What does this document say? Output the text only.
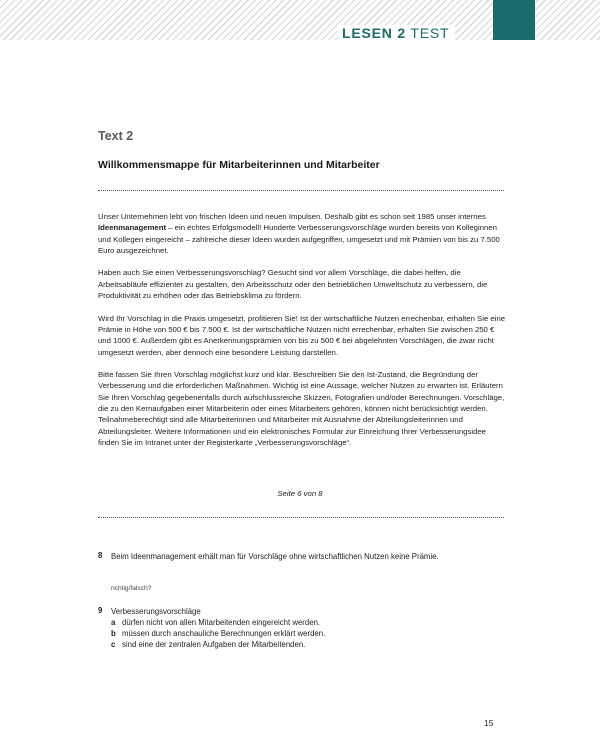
LESEN 2 TEST
Text 2
Willkommensmappe für Mitarbeiterinnen und Mitarbeiter

Unser Unternehmen lebt von frischen Ideen und neuen Impulsen. Deshalb gibt es schon seit 1985 unser internes Ideenmanagement – ein echtes Erfolgsmodell! Hunderte Verbesserungsvorschläge wurden bereits von Kolleginnen und Kollegen eingereicht – zahlreiche dieser Ideen wurden aufgegriffen, umgesetzt und mit Prämien von bis zu 7.500 Euro ausgezeichnet.

Haben auch Sie einen Verbesserungsvorschlag? Gesucht sind vor allem Vorschläge, die dabei helfen, die Arbeitsabläufe effizienter zu gestalten, den Arbeitsschutz oder den betrieblichen Umweltschutz zu verbessern, die Produktivität zu erhöhen oder das Betriebsklima zu fördern.

Wird Ihr Vorschlag in die Praxis umgesetzt, profitieren Sie! Ist der wirtschaftliche Nutzen errechenbar, erhalten Sie eine Prämie in Höhe von 500 € bis 7.500 €. Ist der wirtschaftliche Nutzen nicht errechenbar, erhalten Sie zwischen 250 € und 1000 €. Außerdem gibt es Anerkennungsprämien von bis zu 500 € bei abgelehnten Vorschlägen, die zwar nicht umgesetzt werden, aber dennoch eine besondere Leistung darstellen.

Bitte fassen Sie Ihren Vorschlag möglichst kurz und klar. Beschreiben Sie den Ist-Zustand, die Begründung der Verbesserung und die erforderlichen Maßnahmen. Wichtig ist eine Aussage, welcher Nutzen zu erwarten ist. Erläutern Sie Ihren Vorschlag gegebenenfalls durch aufschlussreiche Skizzen, Fotografien und/oder Berechnungen. Vorschläge, die zu den Kernaufgaben einer Mitarbeiterin oder eines Mitarbeiters gehören, können nicht berücksichtigt werden. Teilnahmeberechtigt sind alle Mitarbeiterinnen und Mitarbeiter mit Ausnahme der Abteilungsleiterinnen und Abteilungsleiter. Weitere Informationen und ein elektronisches Formular zur Einreichung Ihrer Verbesserungsidee finden Sie im Intranet unter der Registerkarte „Verbesserungsvorschläge“.

Seite 6 von 8
8 Beim Ideenmanagement erhält man für Vorschläge ohne wirtschaftlichen Nutzen keine Prämie.
richtig/falsch?
9 Verbesserungsvorschläge
a dürfen nicht von allen Mitarbeitenden eingereicht werden.
b müssen durch anschauliche Berechnungen erklärt werden.
c sind eine der zentralen Aufgaben der Mitarbeitenden.
15
